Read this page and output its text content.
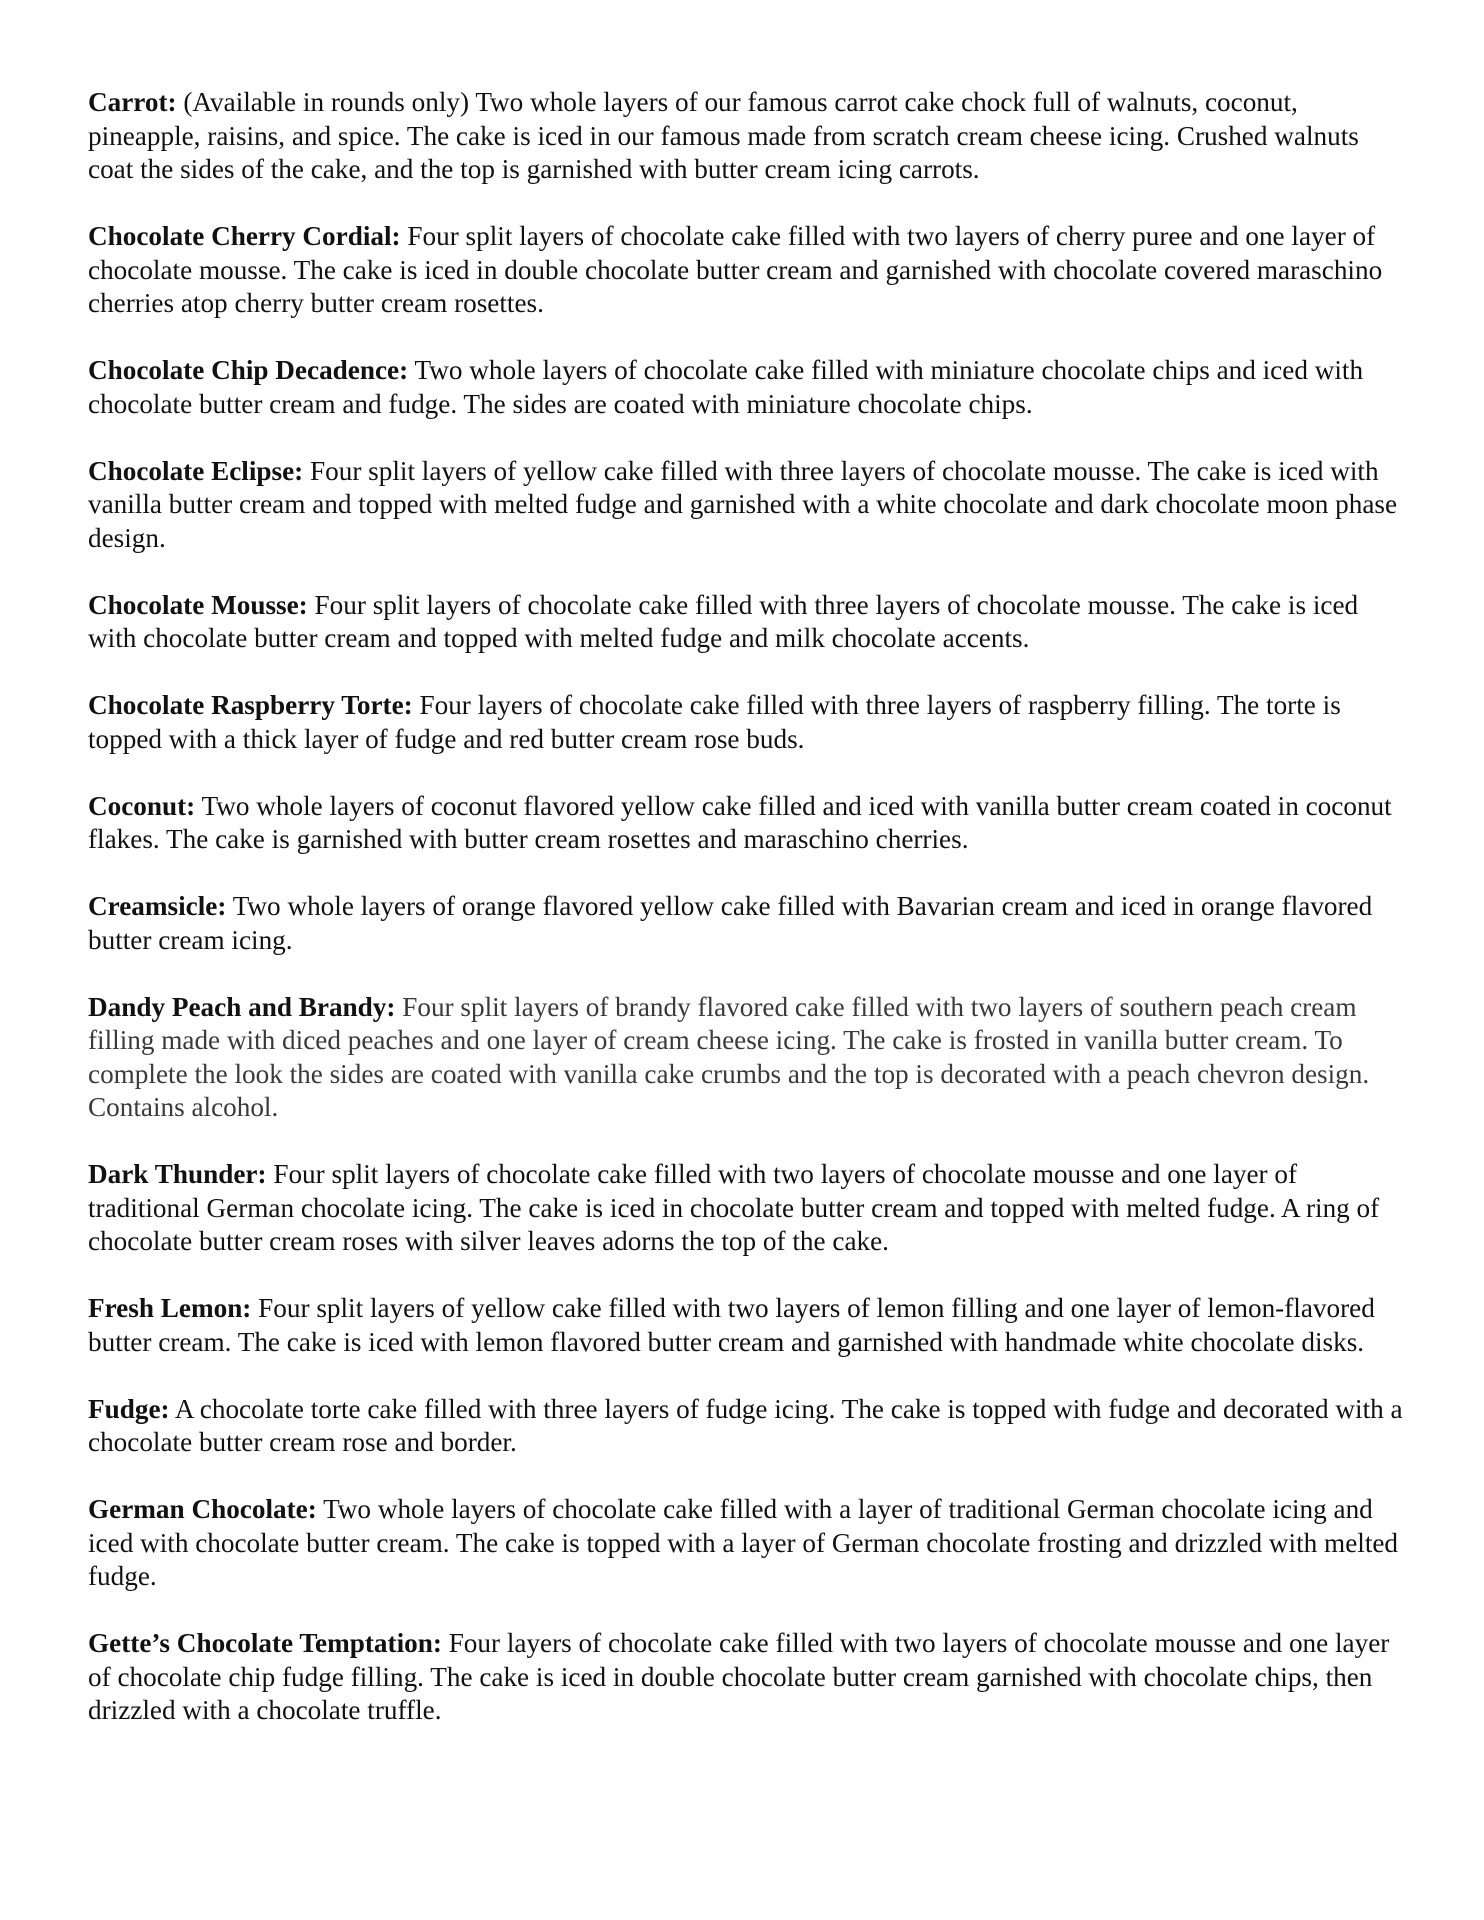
Carrot: (Available in rounds only) Two whole layers of our famous carrot cake chock full of walnuts, coconut, pineapple, raisins, and spice. The cake is iced in our famous made from scratch cream cheese icing. Crushed walnuts coat the sides of the cake, and the top is garnished with butter cream icing carrots.

Chocolate Cherry Cordial: Four split layers of chocolate cake filled with two layers of cherry puree and one layer of chocolate mousse. The cake is iced in double chocolate butter cream and garnished with chocolate covered maraschino cherries atop cherry butter cream rosettes.

Chocolate Chip Decadence: Two whole layers of chocolate cake filled with miniature chocolate chips and iced with chocolate butter cream and fudge. The sides are coated with miniature chocolate chips.

Chocolate Eclipse: Four split layers of yellow cake filled with three layers of chocolate mousse. The cake is iced with vanilla butter cream and topped with melted fudge and garnished with a white chocolate and dark chocolate moon phase design.

Chocolate Mousse: Four split layers of chocolate cake filled with three layers of chocolate mousse. The cake is iced with chocolate butter cream and topped with melted fudge and milk chocolate accents.

Chocolate Raspberry Torte: Four layers of chocolate cake filled with three layers of raspberry filling. The torte is topped with a thick layer of fudge and red butter cream rose buds.

Coconut: Two whole layers of coconut flavored yellow cake filled and iced with vanilla butter cream coated in coconut flakes. The cake is garnished with butter cream rosettes and maraschino cherries.

Creamsicle: Two whole layers of orange flavored yellow cake filled with Bavarian cream and iced in orange flavored butter cream icing.

Dandy Peach and Brandy: Four split layers of brandy flavored cake filled with two layers of southern peach cream filling made with diced peaches and one layer of cream cheese icing. The cake is frosted in vanilla butter cream. To complete the look the sides are coated with vanilla cake crumbs and the top is decorated with a peach chevron design. Contains alcohol.

Dark Thunder: Four split layers of chocolate cake filled with two layers of chocolate mousse and one layer of traditional German chocolate icing. The cake is iced in chocolate butter cream and topped with melted fudge. A ring of chocolate butter cream roses with silver leaves adorns the top of the cake.

Fresh Lemon: Four split layers of yellow cake filled with two layers of lemon filling and one layer of lemon-flavored butter cream. The cake is iced with lemon flavored butter cream and garnished with handmade white chocolate disks.

Fudge: A chocolate torte cake filled with three layers of fudge icing. The cake is topped with fudge and decorated with a chocolate butter cream rose and border.

German Chocolate: Two whole layers of chocolate cake filled with a layer of traditional German chocolate icing and iced with chocolate butter cream. The cake is topped with a layer of German chocolate frosting and drizzled with melted fudge.

Gette’s Chocolate Temptation: Four layers of chocolate cake filled with two layers of chocolate mousse and one layer of chocolate chip fudge filling. The cake is iced in double chocolate butter cream garnished with chocolate chips, then drizzled with a chocolate truffle.
